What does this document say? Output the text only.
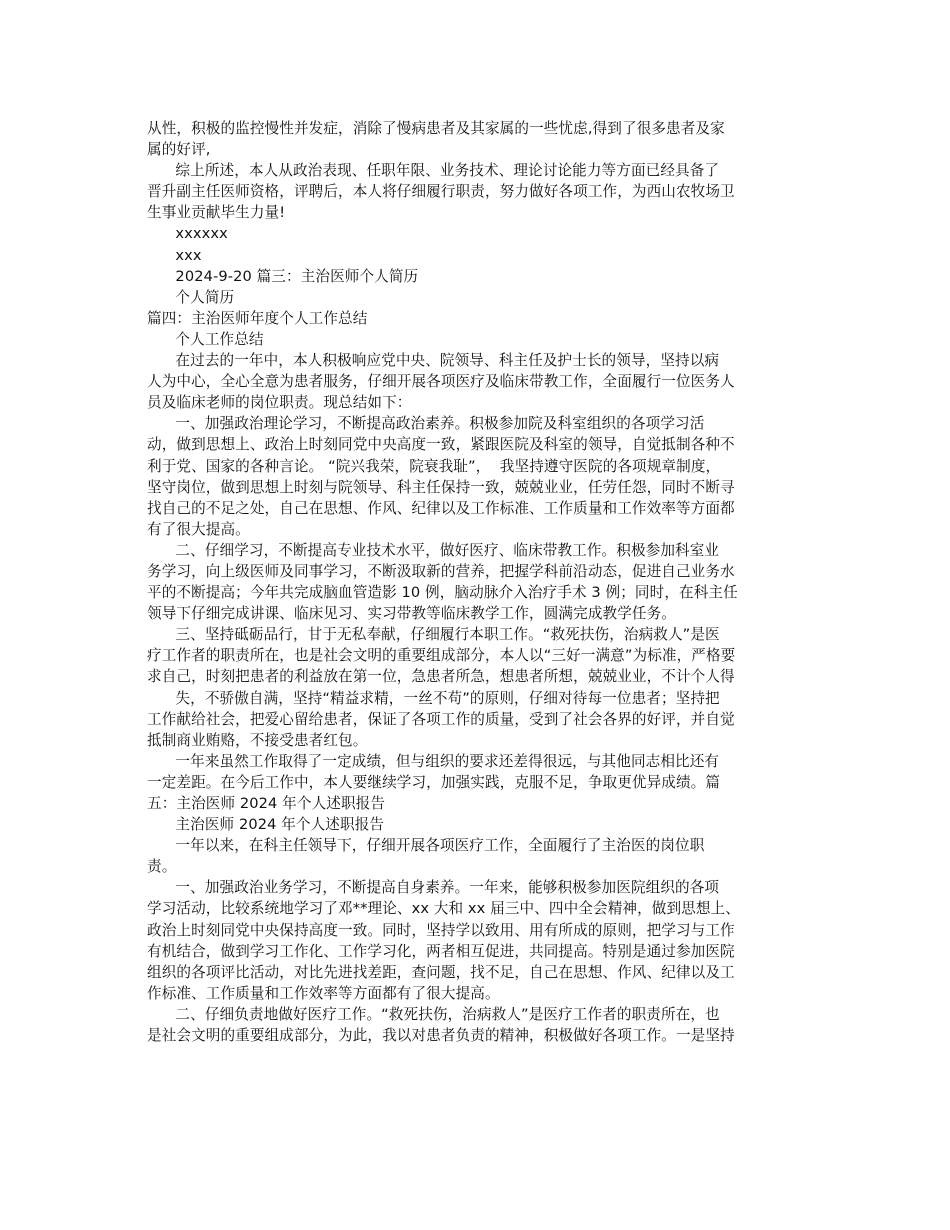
从性，积极的监控慢性并发症，消除了慢病患者及其家属的一些忧虑,得到了很多患者及家
属的好评,
综上所述，本人从政治表现、任职年限、业务技术、理论讨论能力等方面已经具备了
晋升副主任医师资格，评聘后，本人将仔细履行职责，努力做好各项工作，为西山农牧场卫
生事业贡献毕生力量!
xxxxxx
xxx
2024-9-20 篇三：主治医师个人简历
个人简历
篇四：主治医师年度个人工作总结
个人工作总结
在过去的一年中，本人积极响应党中央、院领导、科主任及护士长的领导，坚持以病
人为中心，全心全意为患者服务，仔细开展各项医疗及临床带教工作，全面履行一位医务人
员及临床老师的岗位职责。现总结如下：
一、加强政治理论学习，不断提高政治素养。积极参加院及科室组织的各项学习活
动，做到思想上、政治上时刻同党中央高度一致，紧跟医院及科室的领导，自觉抵制各种不
利于党、国家的各种言论。 “院兴我荣，院衰我耻”，  我坚持遵守医院的各项规章制度，
坚守岗位，做到思想上时刻与院领导、科主任保持一致，兢兢业业，任劳任怨，同时不断寻
找自己的不足之处，自己在思想、作风、纪律以及工作标准、工作质量和工作效率等方面都
有了很大提高。
二、仔细学习，不断提高专业技术水平，做好医疗、临床带教工作。积极参加科室业
务学习，向上级医师及同事学习，不断汲取新的营养，把握学科前沿动态，促进自己业务水
平的不断提高；今年共完成脑血管造影 10 例，脑动脉介入治疗手术 3 例；同时，在科主任
领导下仔细完成讲课、临床见习、实习带教等临床教学工作，圆满完成教学任务。
三、坚持砥砺品行，甘于无私奉献，仔细履行本职工作。“救死扶伤，治病救人”是医
疗工作者的职责所在，也是社会文明的重要组成部分，本人以“三好一满意”为标准，严格要
求自己，时刻把患者的利益放在第一位，急患者所急，想患者所想，兢兢业业，不计个人得
失，不骄傲自满，坚持“精益求精，一丝不苟”的原则，仔细对待每一位患者；坚持把
工作献给社会，把爱心留给患者，保证了各项工作的质量，受到了社会各界的好评，并自觉
抵制商业贿赂，不接受患者红包。
一年来虽然工作取得了一定成绩，但与组织的要求还差得很远，与其他同志相比还有
一定差距。在今后工作中，本人要继续学习，加强实践，克服不足，争取更优异成绩。篇
五：主治医师 2024 年个人述职报告
主治医师 2024 年个人述职报告
一年以来，在科主任领导下，仔细开展各项医疗工作，全面履行了主治医的岗位职
责。
一、加强政治业务学习，不断提高自身素养。一年来，能够积极参加医院组织的各项
学习活动，比较系统地学习了邓**理论、xx 大和 xx 届三中、四中全会精神，做到思想上、
政治上时刻同党中央保持高度一致。同时，坚持学以致用、用有所成的原则，把学习与工作
有机结合，做到学习工作化、工作学习化，两者相互促进，共同提高。特别是通过参加医院
组织的各项评比活动，对比先进找差距，查问题，找不足，自己在思想、作风、纪律以及工
作标准、工作质量和工作效率等方面都有了很大提高。
二、仔细负责地做好医疗工作。“救死扶伤，治病救人”是医疗工作者的职责所在，也
是社会文明的重要组成部分，为此，我以对患者负责的精神，积极做好各项工作。一是坚持
